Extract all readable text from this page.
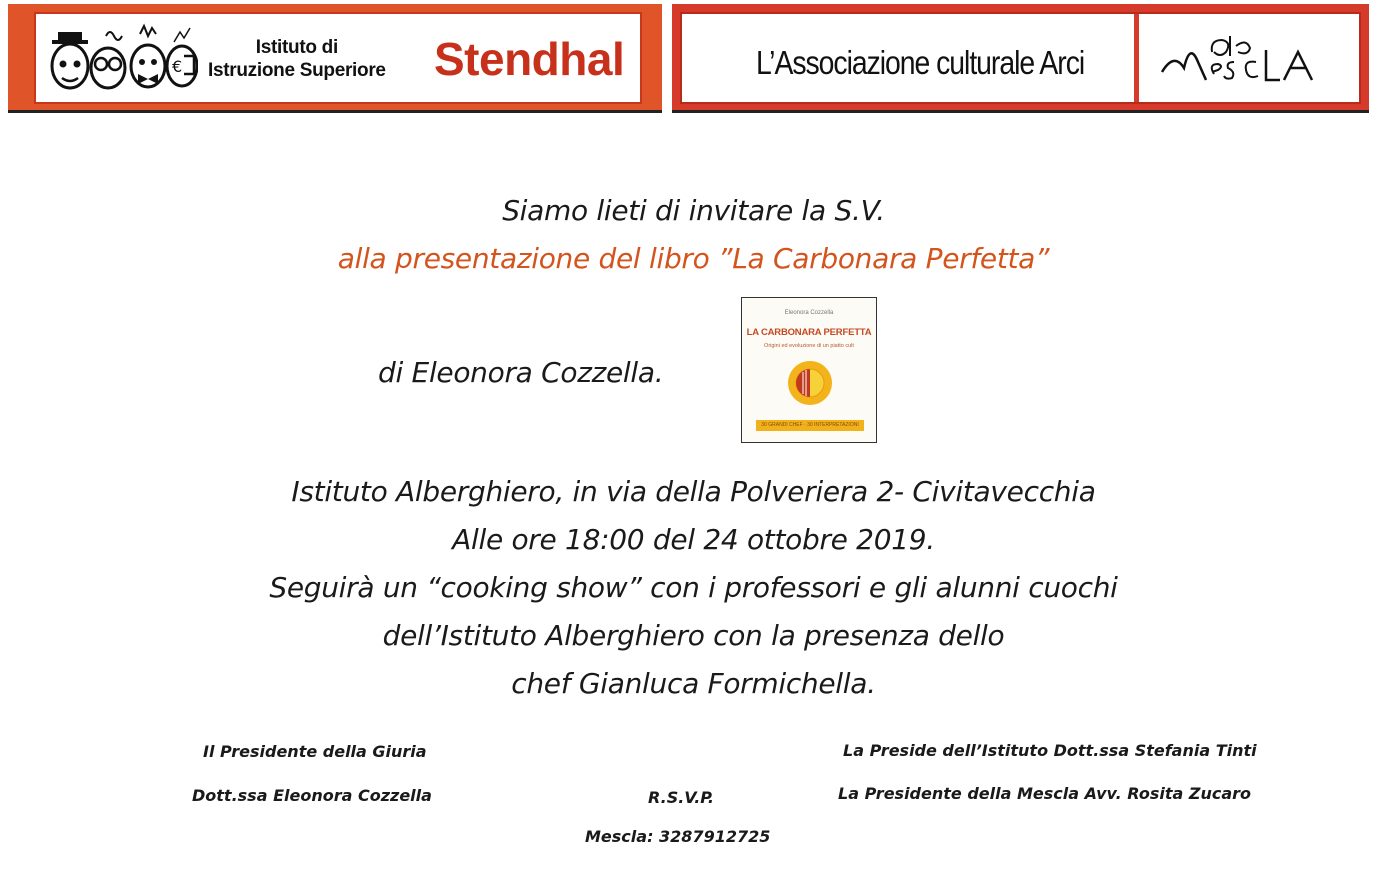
€
Istituto di
Istruzione Superiore Stendhal	L’Associazione culturale Arci
Siamo lieti di invitare la S.V.
alla presentazione del libro ”La Carbonara Perfetta”
di Eleonora Cozzella.
Eleonora Cozzella
LA CARBONARA PERFETTA
Origini ed evoluzione di un piatto cult
30 GRANDI CHEF · 30 INTERPRETAZIONI
Istituto Alberghiero, in via della Polveriera 2- Civitavecchia
Alle ore 18:00 del 24 ottobre 2019.
Seguirà un “cooking show” con i professori e gli alunni cuochi
dell’Istituto Alberghiero con la presenza dello
chef Gianluca Formichella.
Il Presidente della Giuria
Dott.ssa Eleonora Cozzella	R.S.V.P.
Mescla: 3287912725
La Preside dell’Istituto Dott.ssa Stefania Tinti
La Presidente della Mescla Avv. Rosita Zucaro
